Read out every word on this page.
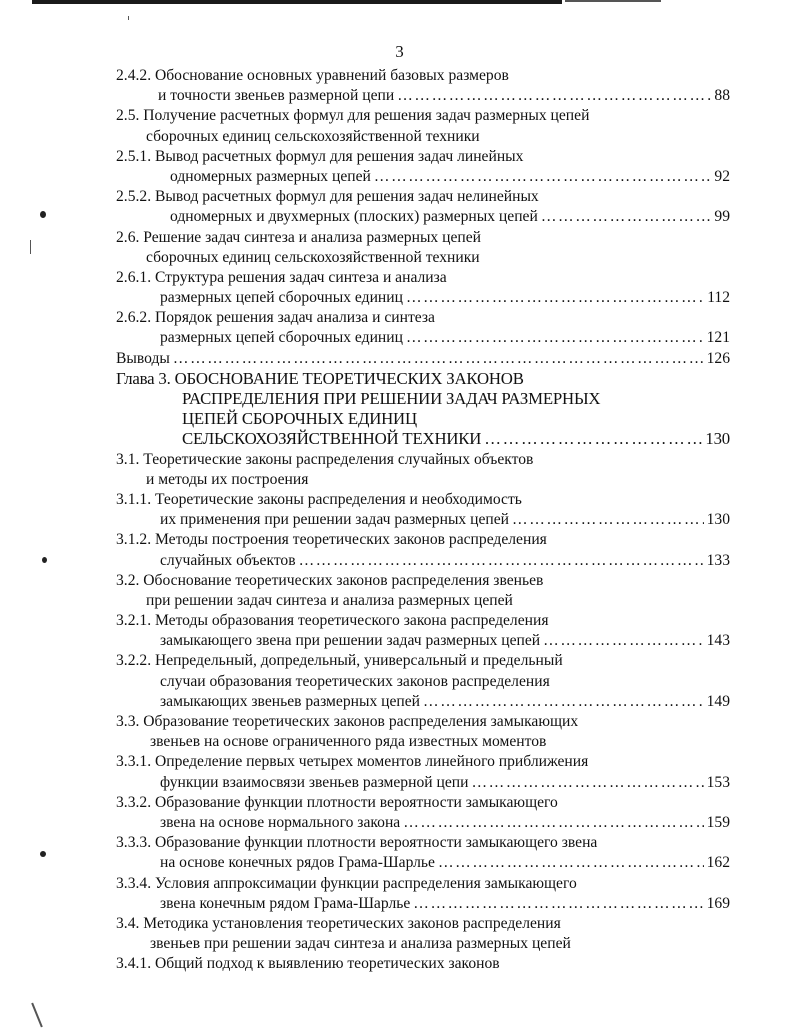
3
2.4.2. Обоснование основных уравнений базовых размеров
и точности звеньев размерной цепи …………………………………………………………………………………………………………………………………………	88
2.5. Получение расчетных формул для решения задач размерных цепей
сборочных единиц сельскохозяйственной техники
2.5.1. Вывод расчетных формул для решения задач линейных
одномерных размерных цепей …………………………………………………………………………………………………………………………………………	92
2.5.2. Вывод расчетных формул для решения задач нелинейных
одномерных и двухмерных (плоских) размерных цепей …………………………………………………………………………………………………………………………………………	99
2.6. Решение задач синтеза и анализа размерных цепей
сборочных единиц сельскохозяйственной техники
2.6.1. Структура решения задач синтеза и анализа
размерных цепей сборочных единиц …………………………………………………………………………………………………………………………………………	112
2.6.2. Порядок решения задач анализа и синтеза
размерных цепей сборочных единиц …………………………………………………………………………………………………………………………………………	121
Выводы …………………………………………………………………………………………………………………………………………	126
Глава 3. ОБОСНОВАНИЕ ТЕОРЕТИЧЕСКИХ ЗАКОНОВ
РАСПРЕДЕЛЕНИЯ ПРИ РЕШЕНИИ ЗАДАЧ РАЗМЕРНЫХ
ЦЕПЕЙ СБОРОЧНЫХ ЕДИНИЦ
СЕЛЬСКОХОЗЯЙСТВЕННОЙ ТЕХНИКИ …………………………………………………………………………………………………………………………………………	130
3.1. Теоретические законы распределения случайных объектов
и методы их построения
3.1.1. Теоретические законы распределения и необходимость
их применения при решении задач размерных цепей …………………………………………………………………………………………………………………………………………	130
3.1.2. Методы построения теоретических законов распределения
случайных объектов …………………………………………………………………………………………………………………………………………	133
3.2. Обоснование теоретических законов распределения звеньев
при решении задач синтеза и анализа размерных цепей
3.2.1. Методы образования теоретического закона распределения
замыкающего звена при решении задач размерных цепей …………………………………………………………………………………………………………………………………………	143
3.2.2. Непредельный, допредельный, универсальный и предельный
случаи образования теоретических законов распределения
замыкающих звеньев размерных цепей …………………………………………………………………………………………………………………………………………	149
3.3. Образование теоретических законов распределения замыкающих
звеньев на основе ограниченного ряда известных моментов
3.3.1. Определение первых четырех моментов линейного приближения
функции взаимосвязи звеньев размерной цепи …………………………………………………………………………………………………………………………………………	153
3.3.2. Образование функции плотности вероятности замыкающего
звена на основе нормального закона …………………………………………………………………………………………………………………………………………	159
3.3.3. Образование функции плотности вероятности замыкающего звена
на основе конечных рядов Грама-Шарлье …………………………………………………………………………………………………………………………………………	162
3.3.4. Условия аппроксимации функции распределения замыкающего
звена конечным рядом Грама-Шарлье …………………………………………………………………………………………………………………………………………	169
3.4. Методика установления теоретических законов распределения
звеньев при решении задач синтеза и анализа размерных цепей
3.4.1. Общий подход к выявлению теоретических законов
